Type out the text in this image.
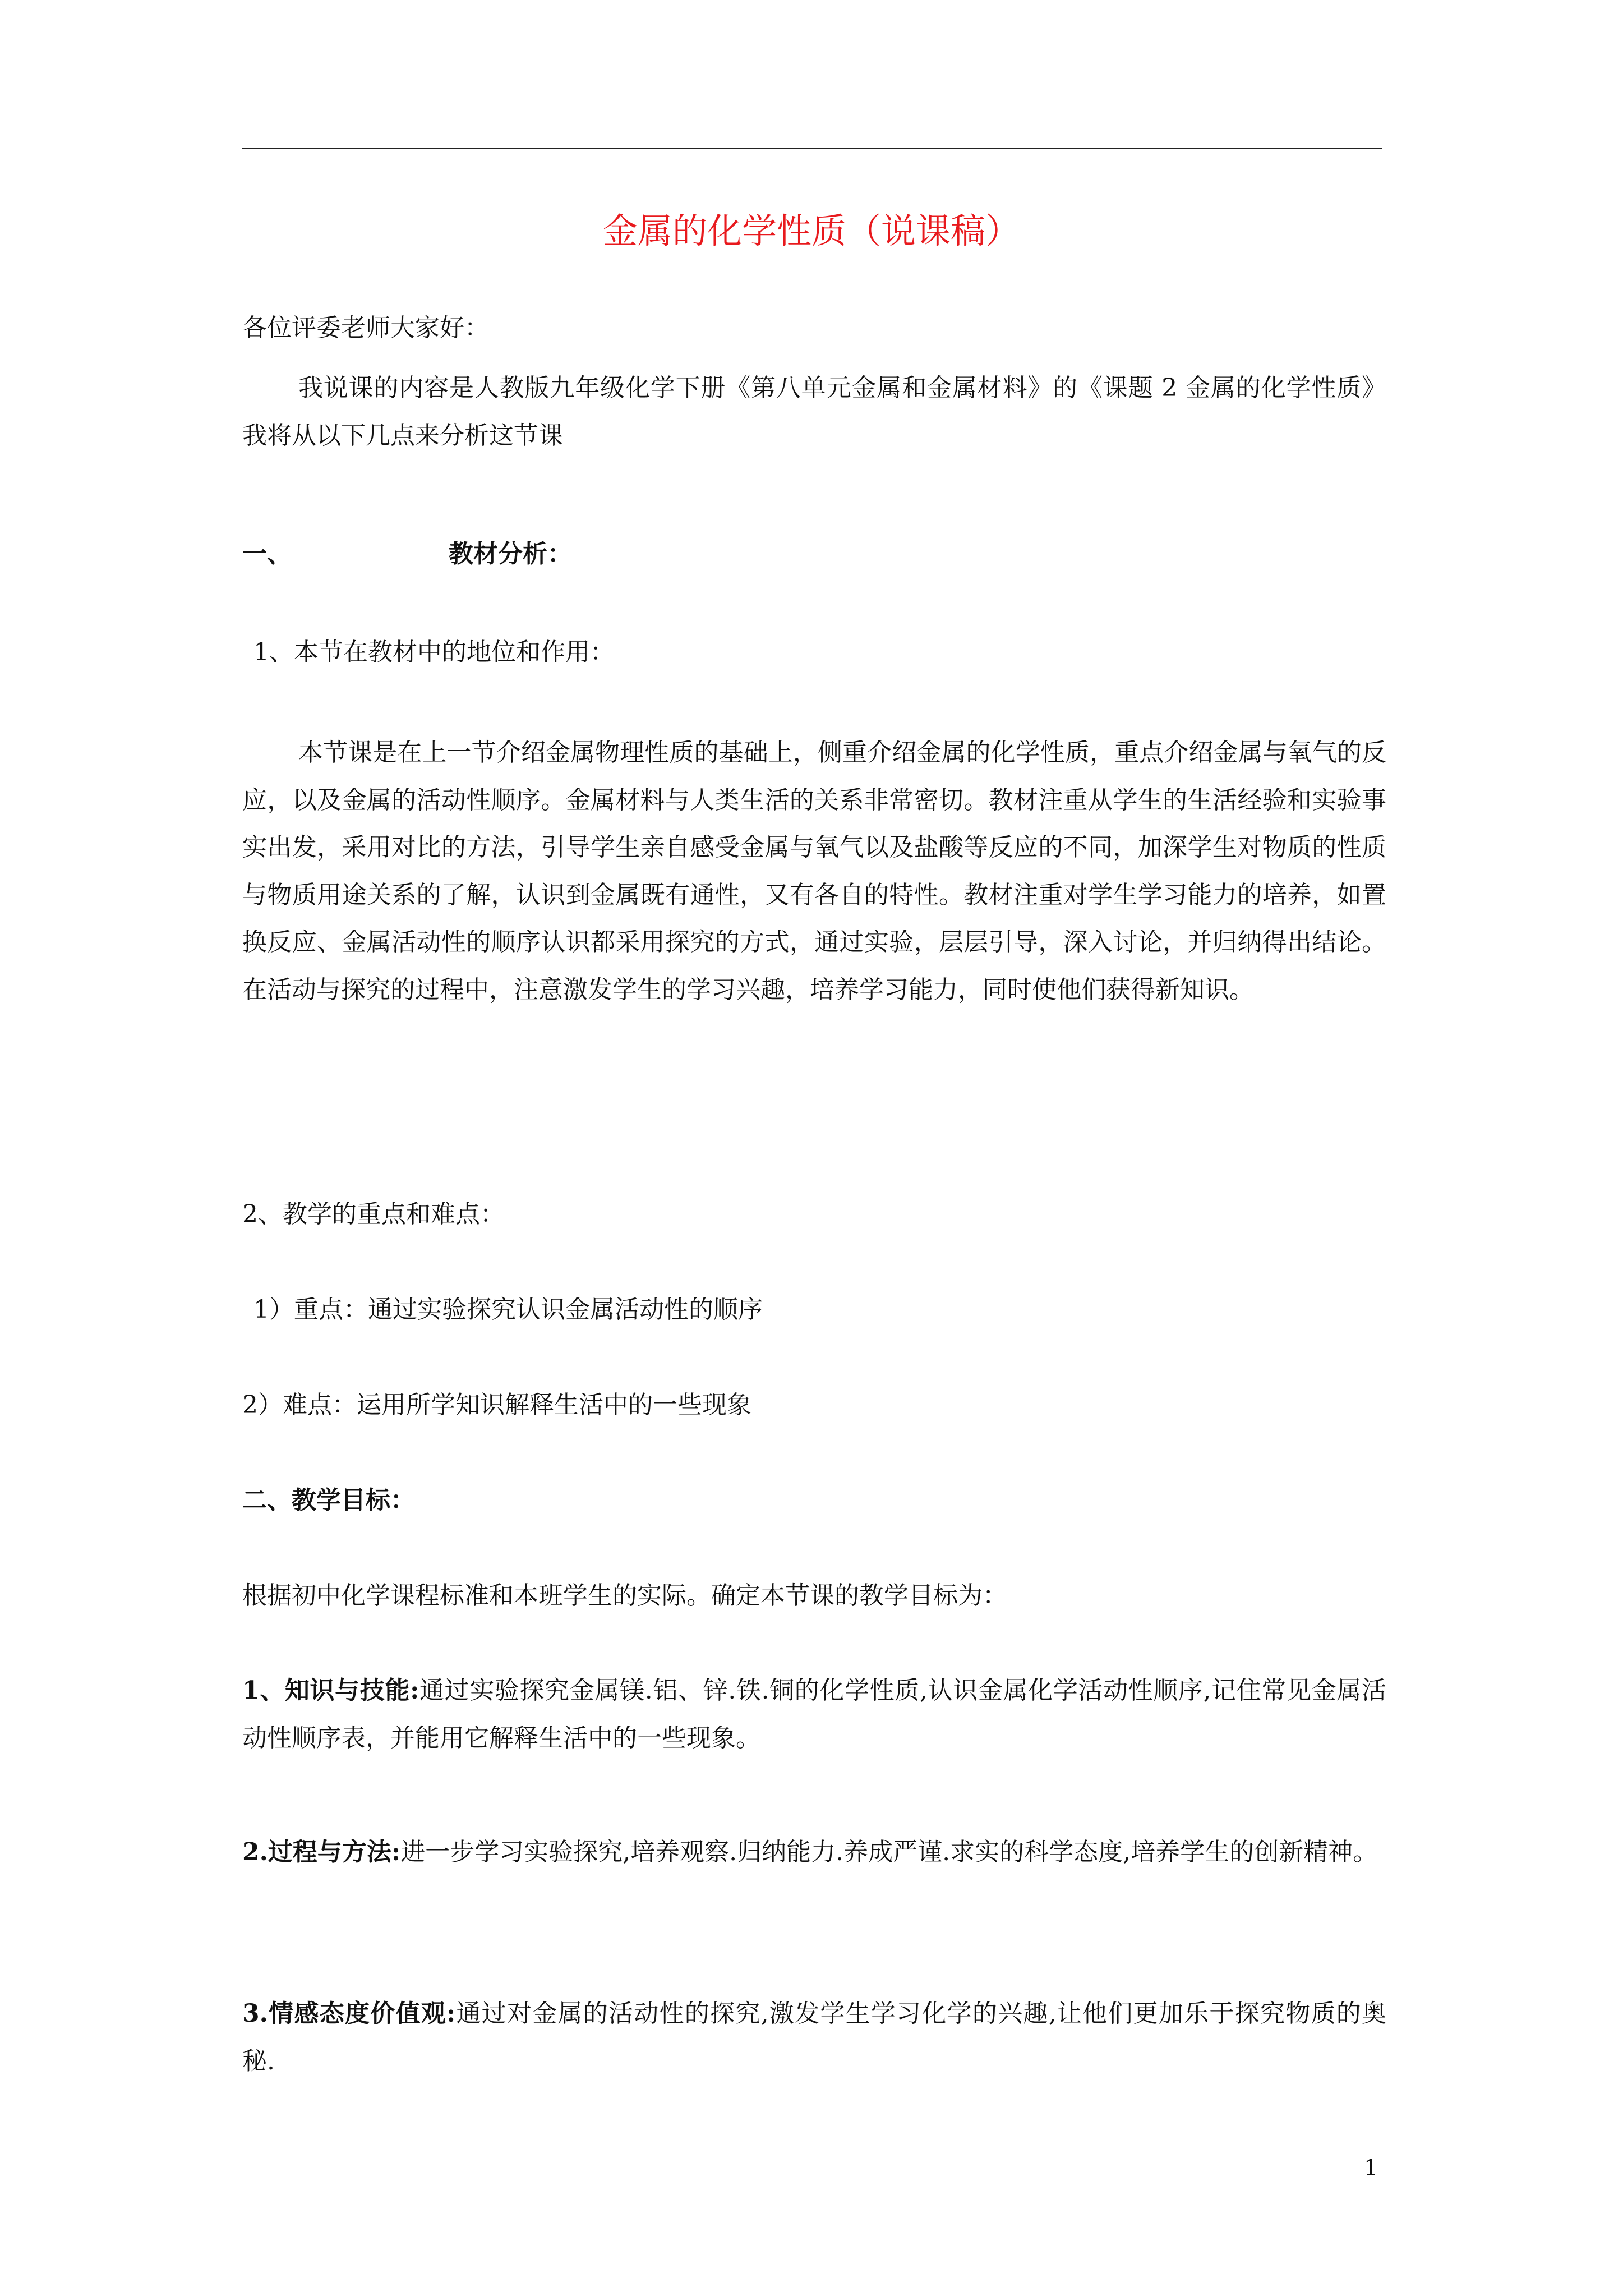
金属的化学性质（说课稿）
各位评委老师大家好：
我说课的内容是人教版九年级化学下册《第八单元金属和金属材料》的《课题 2 金属的化学性质》我将从以下几点来分析这节课
一、	教材分析：
1、本节在教材中的地位和作用：
本节课是在上一节介绍金属物理性质的基础上，侧重介绍金属的化学性质，重点介绍金属与氧气的反应，以及金属的活动性顺序。金属材料与人类生活的关系非常密切。教材注重从学生的生活经验和实验事实出发，采用对比的方法，引导学生亲自感受金属与氧气以及盐酸等反应的不同，加深学生对物质的性质与物质用途关系的了解，认识到金属既有通性，又有各自的特性。教材注重对学生学习能力的培养，如置换反应、金属活动性的顺序认识都采用探究的方式，通过实验，层层引导，深入讨论，并归纳得出结论。在活动与探究的过程中，注意激发学生的学习兴趣，培养学习能力，同时使他们获得新知识。
2、教学的重点和难点：
1）重点：通过实验探究认识金属活动性的顺序
2）难点：运用所学知识解释生活中的一些现象
二、教学目标：
根据初中化学课程标准和本班学生的实际。确定本节课的教学目标为：
1、知识与技能:通过实验探究金属镁.铝、锌.铁.铜的化学性质,认识金属化学活动性顺序,记住常见金属活动性顺序表，并能用它解释生活中的一些现象。
2.过程与方法:进一步学习实验探究,培养观察.归纳能力.养成严谨.求实的科学态度,培养学生的创新精神。
3.情感态度价值观:通过对金属的活动性的探究,激发学生学习化学的兴趣,让他们更加乐于探究物质的奥秘.
1
